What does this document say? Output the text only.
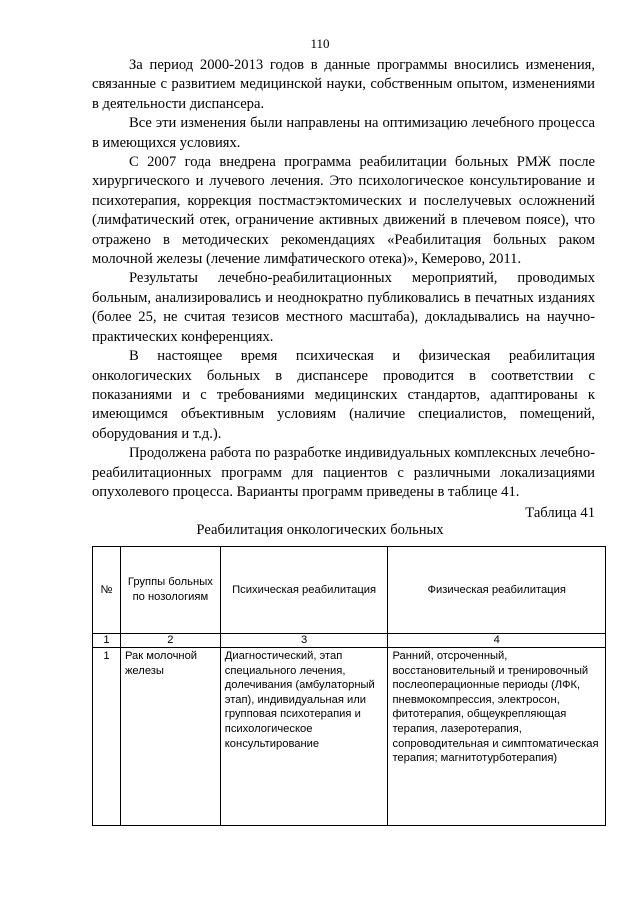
110

За период 2000-2013 годов в данные программы вносились изменения, связанные с развитием медицинской науки, собственным опытом, изменениями в деятельности диспансера.

Все эти изменения были направлены на оптимизацию лечебного процесса в имеющихся условиях.

С 2007 года внедрена программа реабилитации больных РМЖ после хирургического и лучевого лечения. Это психологическое консультирование и психотерапия, коррекция постмастэктомических и послелучевых осложнений (лимфатический отек, ограничение активных движений в плечевом поясе), что отражено в методических рекомендациях «Реабилитация больных раком молочной железы (лечение лимфатического отека)», Кемерово, 2011.

Результаты лечебно-реабилитационных мероприятий, проводимых больным, анализировались и неоднократно публиковались в печатных изданиях (более 25, не считая тезисов местного масштаба), докладывались на научно-практических конференциях.

В настоящее время психическая и физическая реабилитация онкологических больных в диспансере проводится в соответствии с показаниями и с требованиями медицинских стандартов, адаптированы к имеющимся объективным условиям (наличие специалистов, помещений, оборудования и т.д.).

Продолжена работа по разработке индивидуальных комплексных лечебно-реабилитационных программ для пациентов с различными локализациями опухолевого процесса. Варианты программ приведены в таблице 41.

Таблица 41
Реабилитация онкологических больных
№	Группы больных по нозологиям	Психическая реабилитация	Физическая реабилитация
1	2	3	4
1	Рак молочной железы	Диагностический, этап специального лечения, долечивания (амбулаторный этап), индивидуальная или групповая психотерапия и психологическое консультирование	Ранний, отсроченный, восстановительный и тренировочный послеоперационные периоды (ЛФК, пневмокомпрессия, электросон, фитотерапия, общеукрепляющая терапия, лазеротерапия, сопроводительная и симптоматическая терапия; магнитотурботерапия)
